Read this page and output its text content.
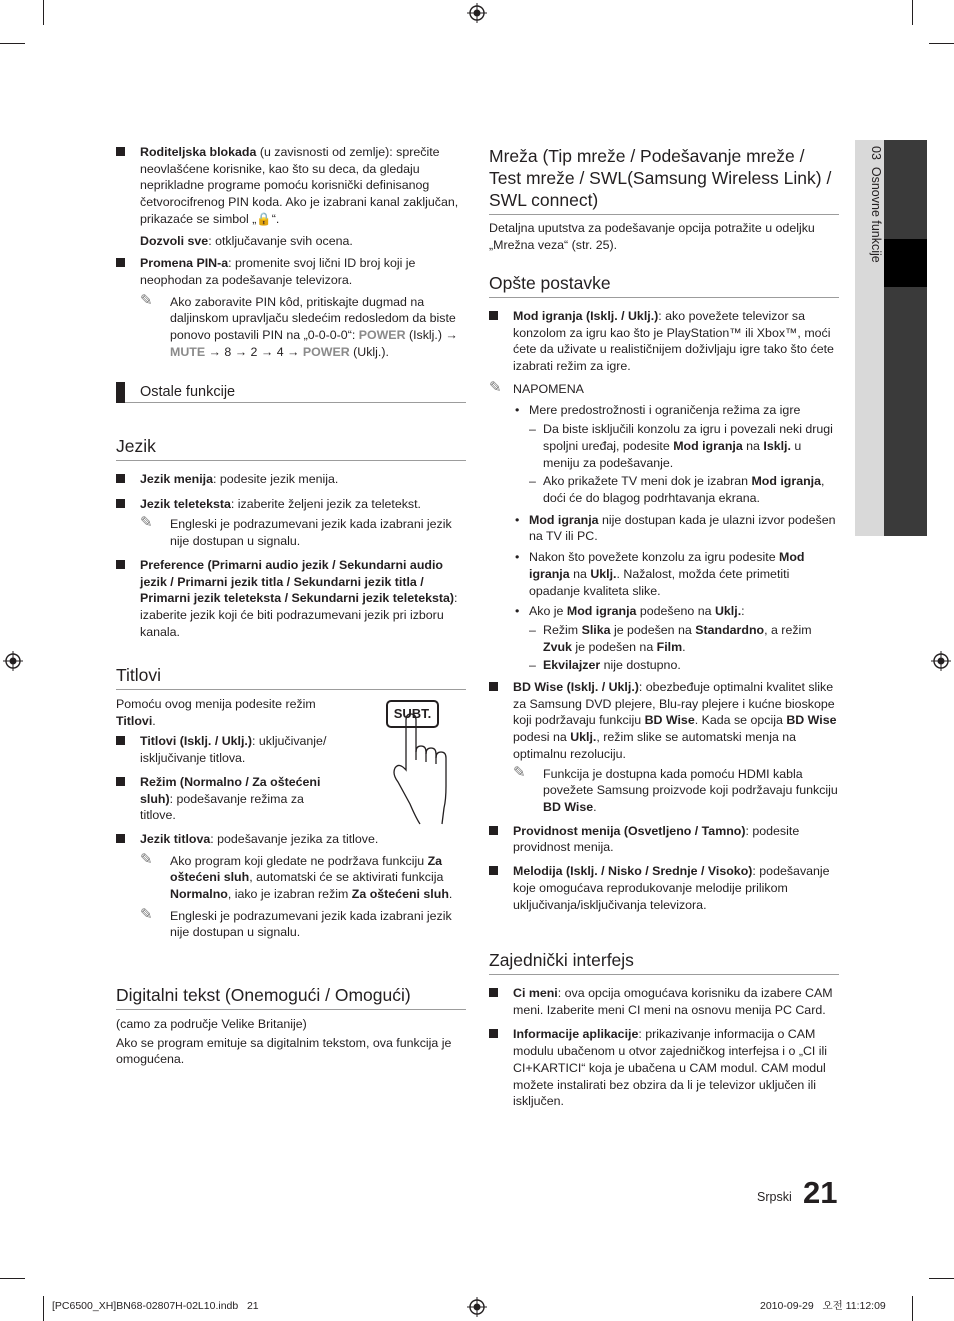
03  Osnovne funkcije
Roditeljska blokada (u zavisnosti od zemlje): sprečite neovlašćene korisnike, kao što su deca, da gledaju neprikladne programe pomoću korisnički definisanog četvorocifrenog PIN koda. Ako je izabrani kanal zaključan, prikazaće se simbol „🔒“.
Dozvoli sve: otključavanje svih ocena.
Promena PIN-a: promenite svoj lični ID broj koji je neophodan za podešavanje televizora.
✎ Ako zaboravite PIN kôd, pritiskajte dugmad na daljinskom upravljaču sledećim redosledom da biste ponovo postavili PIN na „0-0-0-0“: POWER (Isklj.) → MUTE → 8 → 2 → 4 → POWER (Uklj.).
Ostale funkcije
Jezik
Jezik menija: podesite jezik menija.
Jezik teleteksta: izaberite željeni jezik za teletekst.
✎ Engleski je podrazumevani jezik kada izabrani jezik nije dostupan u signalu.
Preference (Primarni audio jezik / Sekundarni audio jezik / Primarni jezik titla / Sekundarni jezik titla / Primarni jezik teleteksta / Sekundarni jezik teleteksta): izaberite jezik koji će biti podrazumevani jezik pri izboru kanala.
Titlovi
Pomoću ovog menija podesite režim Titlovi.
Titlovi (Isklj. / Uklj.): uključivanje/ isključivanje titlova.
Režim (Normalno / Za oštećeni sluh): podešavanje režima za titlove.
Jezik titlova: podešavanje jezika za titlove.
✎ Ako program koji gledate ne podržava funkciju Za oštećeni sluh, automatski će se aktivirati funkcija Normalno, iako je izabran režim Za oštećeni sluh.
✎ Engleski je podrazumevani jezik kada izabrani jezik nije dostupan u signalu.
SUBT.
Digitalni tekst (Onemogući / Omogući)
(camo za područje Velike Britanije)
Ako se program emituje sa digitalnim tekstom, ova funkcija je omogućena.
Mreža (Tip mreže / Podešavanje mreže / Test mreže / SWL(Samsung Wireless Link) / SWL connect)
Detaljna uputstva za podešavanje opcija potražite u odeljku „Mrežna veza“ (str. 25).
Opšte postavke
Mod igranja (Isklj. / Uklj.): ako povežete televizor sa konzolom za igru kao što je PlayStation™ ili Xbox™, moći ćete da uživate u realističnijem doživljaju igre tako što ćete izabrati režim za igre.
✎ NAPOMENA
• Mere predostrožnosti i ograničenja režima za igre
– Da biste isključili konzolu za igru i povezali neki drugi spoljni uređaj, podesite Mod igranja na Isklj. u meniju za podešavanje.
– Ako prikažete TV meni dok je izabran Mod igranja, doći će do blagog podrhtavanja ekrana.
• Mod igranja nije dostupan kada je ulazni izvor podešen na TV ili PC.
• Nakon što povežete konzolu za igru podesite Mod igranja na Uklj.. Nažalost, možda ćete primetiti opadanje kvaliteta slike.
• Ako je Mod igranja podešeno na Uklj.:
– Režim Slika je podešen na Standardno, a režim Zvuk je podešen na Film.
– Ekvilajzer nije dostupno.
BD Wise (Isklj. / Uklj.): obezbeđuje optimalni kvalitet slike za Samsung DVD plejere, Blu-ray plejere i kućne bioskope koji podržavaju funkciju BD Wise. Kada se opcija BD Wise podesi na Uklj., režim slike se automatski menja na optimalnu rezoluciju.
✎ Funkcija je dostupna kada pomoću HDMI kabla povežete Samsung proizvode koji podržavaju funkciju BD Wise.
Providnost menija (Osvetljeno / Tamno): podesite providnost menija.
Melodija (Isklj. / Nisko / Srednje / Visoko): podešavanje koje omogućava reprodukovanje melodije prilikom uključivanja/isključivanja televizora.
Zajednički interfejs
Ci meni: ova opcija omogućava korisniku da izabere CAM meni. Izaberite meni CI meni na osnovu menija PC Card.
Informacije aplikacije: prikazivanje informacija o CAM modulu ubačenom u otvor zajedničkog interfejsa i o „CI ili CI+KARTICI“ koja je ubačena u CAM modul. CAM modul možete instalirati bez obzira da li je televizor uključen ili isključen.
Srpski 21
[PC6500_XH]BN68-02807H-02L10.indb   21	2010-09-29   오전 11:12:09
